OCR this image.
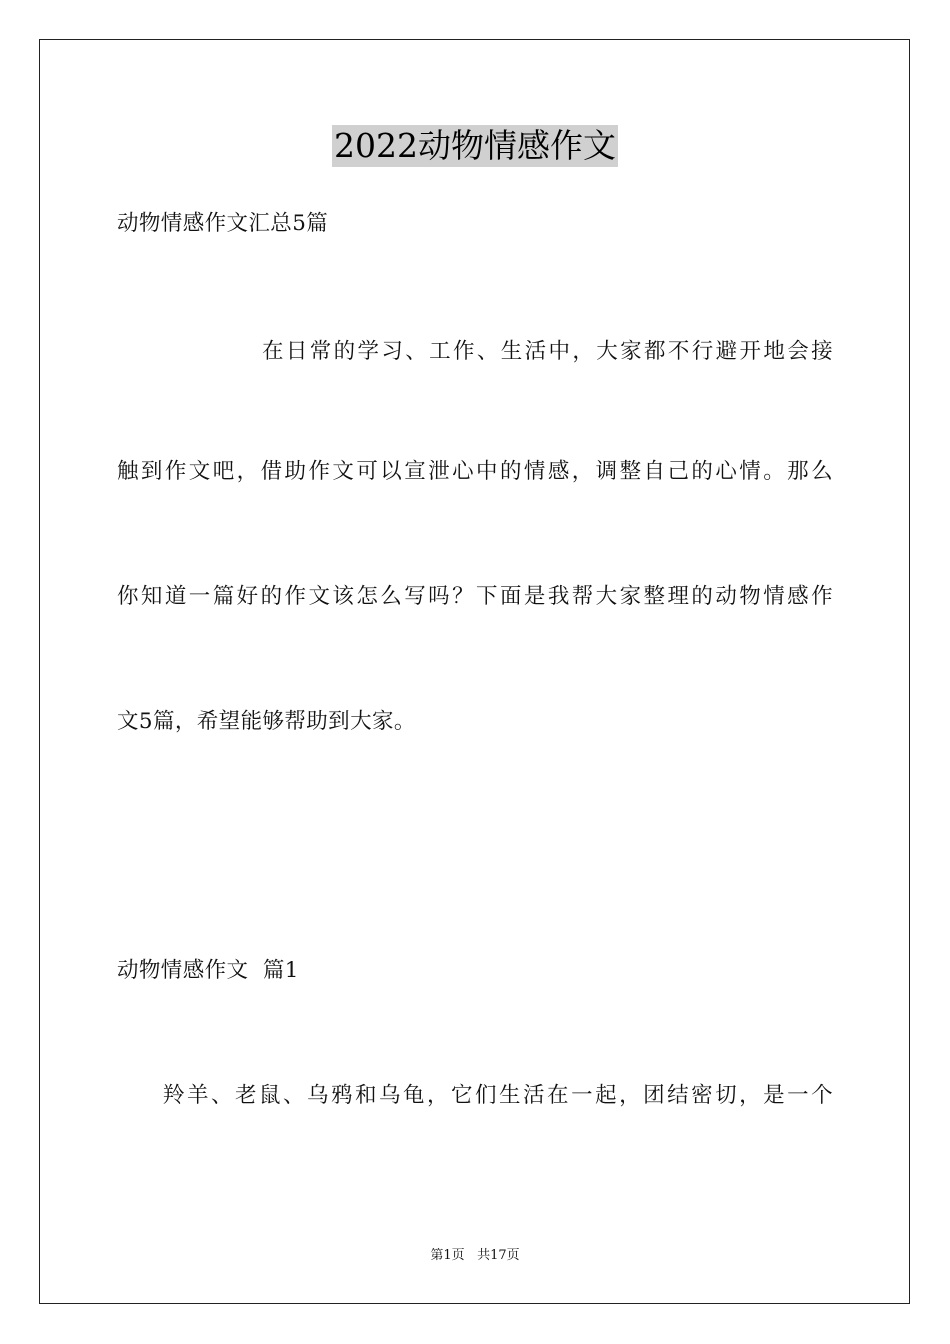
2022动物情感作文
动物情感作文汇总5篇
在日常的学习、工作、生活中，大家都不行避开地会接
触到作文吧，借助作文可以宣泄心中的情感，调整自己的心情。那么
你知道一篇好的作文该怎么写吗？下面是我帮大家整理的动物情感作
文5篇，希望能够帮助到大家。
动物情感作文  篇1
羚羊、老鼠、乌鸦和乌龟，它们生活在一起，团结密切，是一个
第1页 共17页
